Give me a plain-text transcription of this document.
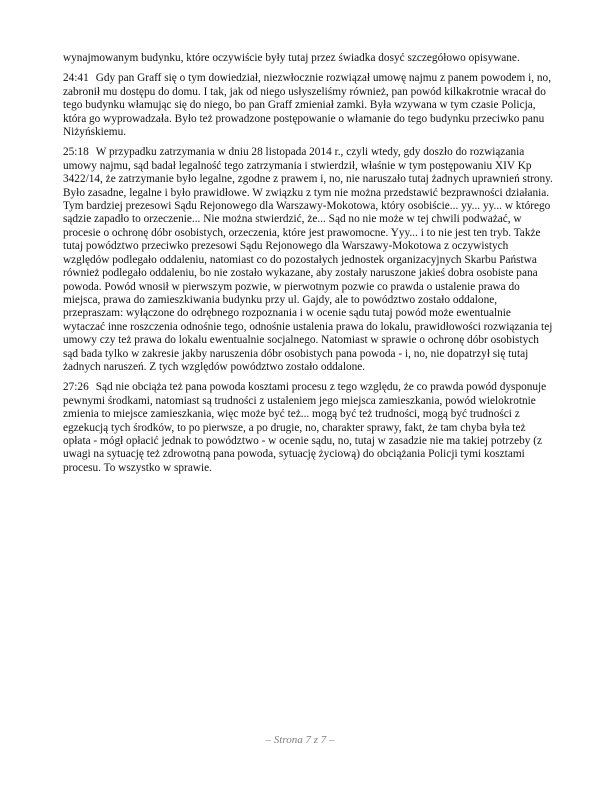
wynajmowanym budynku, które oczywiście były tutaj przez świadka dosyć szczegółowo opisywane.

24:41 Gdy pan Graff się o tym dowiedział, niezwłocznie rozwiązał umowę najmu z panem powodem i, no, zabronił mu dostępu do domu. I tak, jak od niego usłyszeliśmy również, pan powód kilkakrotnie wracał do tego budynku włamując się do niego, bo pan Graff zmieniał zamki. Była wzywana w tym czasie Policja, która go wyprowadzała. Było też prowadzone postępowanie o włamanie do tego budynku przeciwko panu Niżyńskiemu.

25:18 W przypadku zatrzymania w dniu 28 listopada 2014 r., czyli wtedy, gdy doszło do rozwiązania umowy najmu, sąd badał legalność tego zatrzymania i stwierdził, właśnie w tym postępowaniu XIV Kp 3422/14, że zatrzymanie było legalne, zgodne z prawem i, no, nie naruszało tutaj żadnych uprawnień strony. Było zasadne, legalne i było prawidłowe. W związku z tym nie można przedstawić bezprawności działania. Tym bardziej prezesowi Sądu Rejonowego dla Warszawy-Mokotowa, który osobiście... yy... yy... w którego sądzie zapadło to orzeczenie... Nie można stwierdzić, że... Sąd no nie może w tej chwili podważać, w procesie o ochronę dóbr osobistych, orzeczenia, które jest prawomocne. Yyy... i to nie jest ten tryb. Także tutaj powództwo przeciwko prezesowi Sądu Rejonowego dla Warszawy-Mokotowa z oczywistych względów podlegało oddaleniu, natomiast co do pozostałych jednostek organizacyjnych Skarbu Państwa również podlegało oddaleniu, bo nie zostało wykazane, aby zostały naruszone jakieś dobra osobiste pana powoda. Powód wnosił w pierwszym pozwie, w pierwotnym pozwie co prawda o ustalenie prawa do miejsca, prawa do zamieszkiwania budynku przy ul. Gajdy, ale to powództwo zostało oddalone, przepraszam: wyłączone do odrębnego rozpoznania i w ocenie sądu tutaj powód może ewentualnie wytaczać inne roszczenia odnośnie tego, odnośnie ustalenia prawa do lokalu, prawidłowości rozwiązania tej umowy czy też prawa do lokalu ewentualnie socjalnego. Natomiast w sprawie o ochronę dóbr osobistych sąd bada tylko w zakresie jakby naruszenia dóbr osobistych pana powoda - i, no, nie dopatrzył się tutaj żadnych naruszeń. Z tych względów powództwo zostało oddalone.

27:26 Sąd nie obciąża też pana powoda kosztami procesu z tego względu, że co prawda powód dysponuje pewnymi środkami, natomiast są trudności z ustaleniem jego miejsca zamieszkania, powód wielokrotnie zmienia to miejsce zamieszkania, więc może być też... mogą być też trudności, mogą być trudności z egzekucją tych środków, to po pierwsze, a po drugie, no, charakter sprawy, fakt, że tam chyba była też opłata - mógł opłacić jednak to powództwo - w ocenie sądu, no, tutaj w zasadzie nie ma takiej potrzeby (z uwagi na sytuację też zdrowotną pana powoda, sytuację życiową) do obciążania Policji tymi kosztami procesu. To wszystko w sprawie.

– Strona 7 z 7 –
